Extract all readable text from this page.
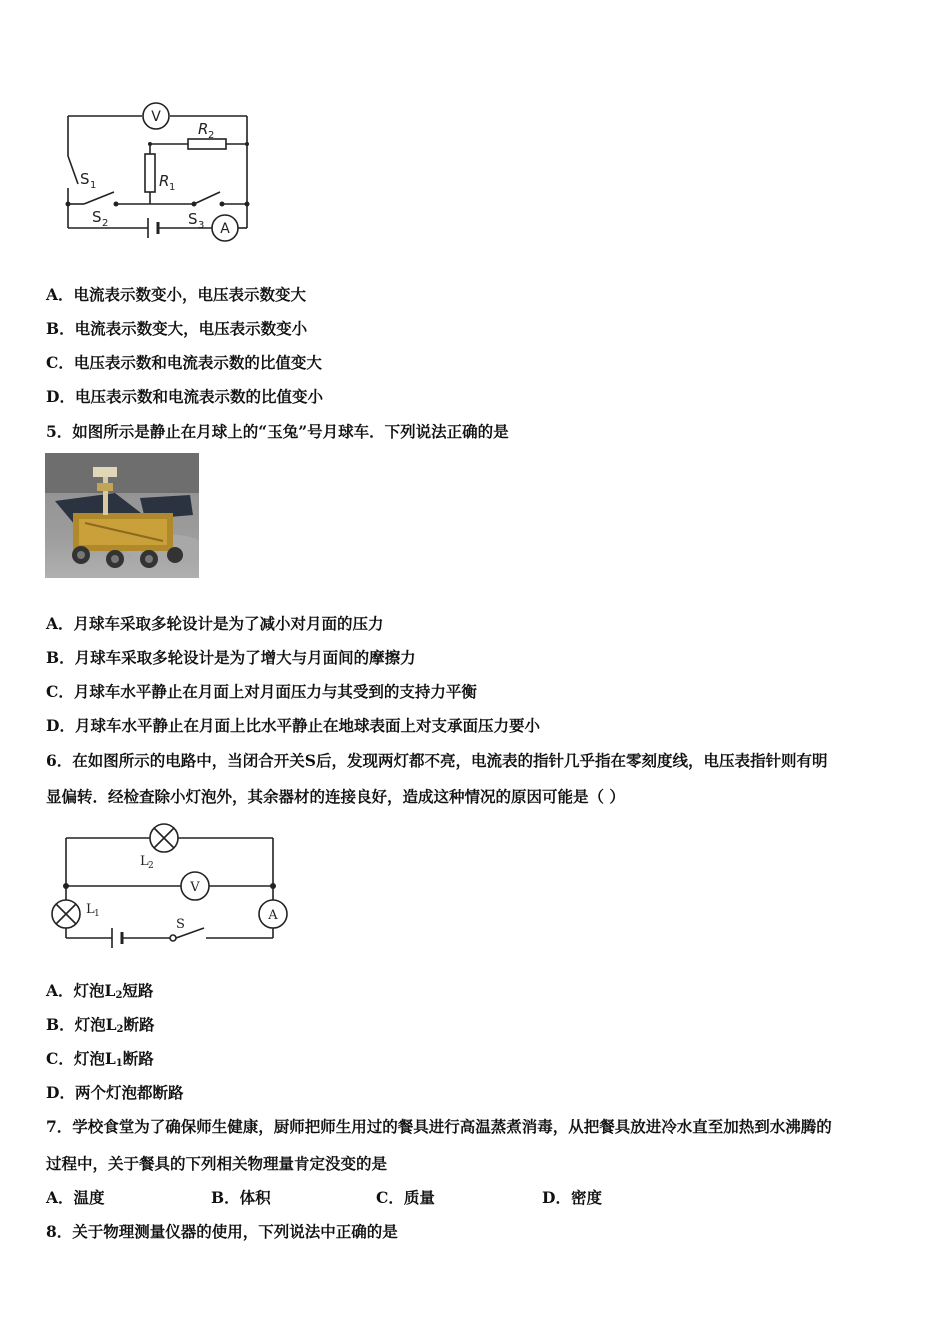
V
A
R 2
R 1
S 1
S 2	S 3
A．电流表示数变小，电压表示数变大
B．电流表示数变大，电压表示数变小
C．电压表示数和电流表示数的比值变大
D．电压表示数和电流表示数的比值变小
5．如图所示是静止在月球上的“玉兔”号月球车．下列说法正确的是
A．月球车采取多轮设计是为了减小对月面的压力
B．月球车采取多轮设计是为了增大与月面间的摩擦力
C．月球车水平静止在月面上对月面压力与其受到的支持力平衡
D．月球车水平静止在月面上比水平静止在地球表面上对支承面压力要小
6．在如图所示的电路中，当闭合开关S后，发现两灯都不亮，电流表的指针几乎指在零刻度线，电压表指针则有明
显偏转．经检查除小灯泡外，其余器材的连接良好，造成这种情况的原因可能是（ ）
L 2
L 1
V
A
S
A．灯泡$L_2$短路
B．灯泡$L_2$断路
C．灯泡$L_1$断路
D．两个灯泡都断路
7．学校食堂为了确保师生健康，厨师把师生用过的餐具进行高温蒸煮消毒，从把餐具放进冷水直至加热到水沸腾的
过程中，关于餐具的下列相关物理量肯定没变的是
A．温度	B．体积	C．质量	D．密度
8．关于物理测量仪器的使用，下列说法中正确的是
